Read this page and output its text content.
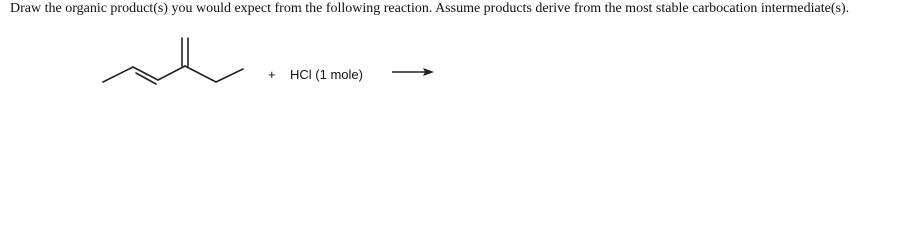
Draw the organic product(s) you would expect from the following reaction. Assume products derive from the most stable carbocation intermediate(s).
+ HCl (1 mole)
